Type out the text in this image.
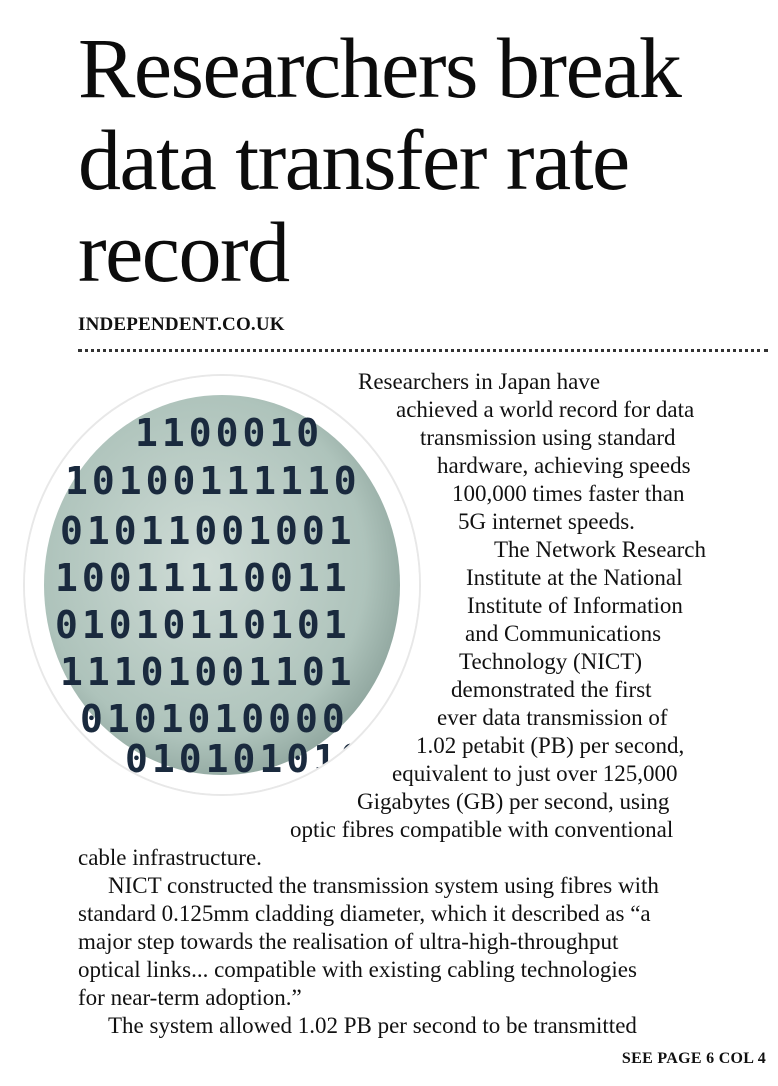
Researchers break data transfer rate record
INDEPENDENT.CO.UK
1100010
10100111110
01011001001
10011110011
01010110101
11101001101
0101010000
010101010

Researchers in Japan have

achieved a world record for data

transmission using standard

hardware, achieving speeds

100,000 times faster than

5G internet speeds.

The Network Research

Institute at the National

Institute of Information

and Communications

Technology (NICT)

demonstrated the first

ever data transmission of

1.02 petabit (PB) per second,

equivalent to just over 125,000

Gigabytes (GB) per second, using

optic fibres compatible with conventional

cable infrastructure.

NICT constructed the transmission system using fibres with

standard 0.125mm cladding diameter, which it described as “a

major step towards the realisation of ultra-high-throughput

optical links... compatible with existing cabling technologies

for near-term adoption.”

The system allowed 1.02 PB per second to be transmitted

SEE PAGE 6 COL 4
